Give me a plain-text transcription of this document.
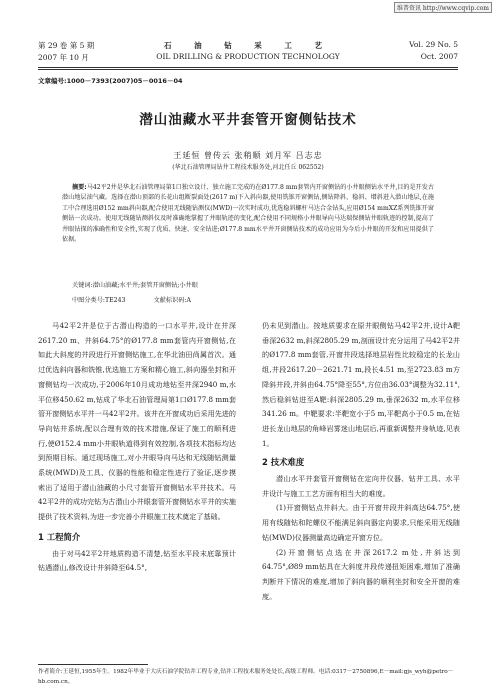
维普资讯 http://www.cqvip.com
第 29 卷 第 5 期
2007 年 10 月
石 油 钻 采 工 艺
OIL DRILLING & PRODUCTION TECHNOLOGY
Vol. 29 No. 5
Oct. 2007
文章编号:1000－7393(2007)05－0016－04
潜山油藏水平井套管开窗侧钻技术
王延恒 曾传云 张稍顺 刘月军 吕志忠
(华北石油管理局钻井工程技术服务处,河北任丘 062552)
摘要:马42平2井是华北石油管理局第1口独立设计、独立施工完成的在Ø177.8 mm套管内开窗侧钻的小井眼侧钻水平井,目的是开发古潜山地层油气藏。选择在潜山顶部的长花山组断裂面处(2617 m)下入斜向器,使用铣锥开窗侧钻,侧钻降斜、稳斜、增斜进入潜山地层,在施工中合理选用Ø152 mm斜向器,配合使用无线随钻测仪(MWD)一次实时成功,优选稳斜螺杆马达合金钻头,应用Ø154 mmXZ系列铣锥开窗侧钻一次成功。使用无线随钻测斜仪及时准确地掌握了井眼轨迹的变化,配合使用不同规格小井眼导向马达瑞保侧钻井眼轨迹的控制,提高了井眼钻探的准确性和安全性,实现了优质、快速、安全钻进;Ø177.8 mm水平井开窗侧钻技术的成功应用为今后小井眼的开发和应用提供了依据。
关键词:潜山油藏;水平井;套管开窗侧钻;小井眼
中图分类号:TE243	文献标识码:A

马42平2井是位于古潜山构造的一口水平井,设计在井深2617.20 m、井斜64.75°的Ø177.8 mm套管内开窗侧钻,在如此大斜度的井段进行开窗侧钻施工,在华北油田尚属首次。通过优选斜向器和铣锥,优选施工方案和精心施工,斜向器坐封和开窗侧钻均一次成功,于2006年10月成功地钻至井深2940 m,水平位移450.62 m,钻成了华北石油管理局第1口Ø177.8 mm套管开窗侧钻水平井一马42平2井。该井在开窗成功后采用先进的导向钻井系统,配以合理有效的技术措施,保证了施工的顺利进行,使Ø152.4 mm小井眼轨道得到有效控制,各项技术指标均达到预期目标。通过现场施工,对小井眼导向马达和无线随钻测量系统(MWD)及工具、仪器的性能和稳定性进行了验证,逐步摸索出了适用于潜山油藏的小尺寸套管开窗侧钻水平井技术。马42平2井的成功完钻为古潜山小井眼套管开窗侧钻水平井的实施提供了技术资料,为进一步完善小井眼施工技术奠定了基础。

1 工程简介

由于对马42平2井地质构造不清楚,钻至水平段末底靠预计钻遇潜山,修改设计井斜降至64.5°,

仍未见到潜山。按地质要求在原井眼侧钻马42平2井,设计A靶垂深2632 m,斜深2805.29 m,剖面设计充分运用了马42平2井的Ø177.8 mm套管,开窗井段选择地层岩性比较稳定的长龙山组,井段2617.20－2621.71 m,段长4.51 m,至2723.83 m方降斜井段,井斜由64.75°降至55°,方位由36.03°调整为32.11°,然后稳斜钻进至A靶:斜深2805.29 m,垂深2632 m,水平位移341.26 m。中靶要求:半靶宽小于5 m,平靶高小于0.5 m,在钻进长龙山地层的角峰岩雾迷山地层后,再重新调整井身轨迹,见表1。

2 技术难度

潜山水平井套管开窗侧钻在定向井仪器、钻井工具、水平井设计与施工工艺方面有相当大的难度。

(1)开窗侧钻点井斜大。由于开窗井段井斜高达64.75°,使用有线随钻和陀螺仪不能满足斜向器定向要求,只能采用无线随钻(MWD)仪器测量高边确定开窗方位。

(2)开窗侧钻点选在井深2617.2 m处,井斜达到64.75°,Ø89 mm钻具在大斜度井段传递扭矩困难,增加了准确判断井下情况的难度,增加了斜向器的顺利坐封和安全开窗的难度。

作者简介:王延恒,1955年生。1982年毕业于大庆石油学院钻井工程专业,钻井工程技术服务处处长,高级工程师。电话:0317－2750896,E－mail:gjs_wyh@petro－hb.com.cn。
